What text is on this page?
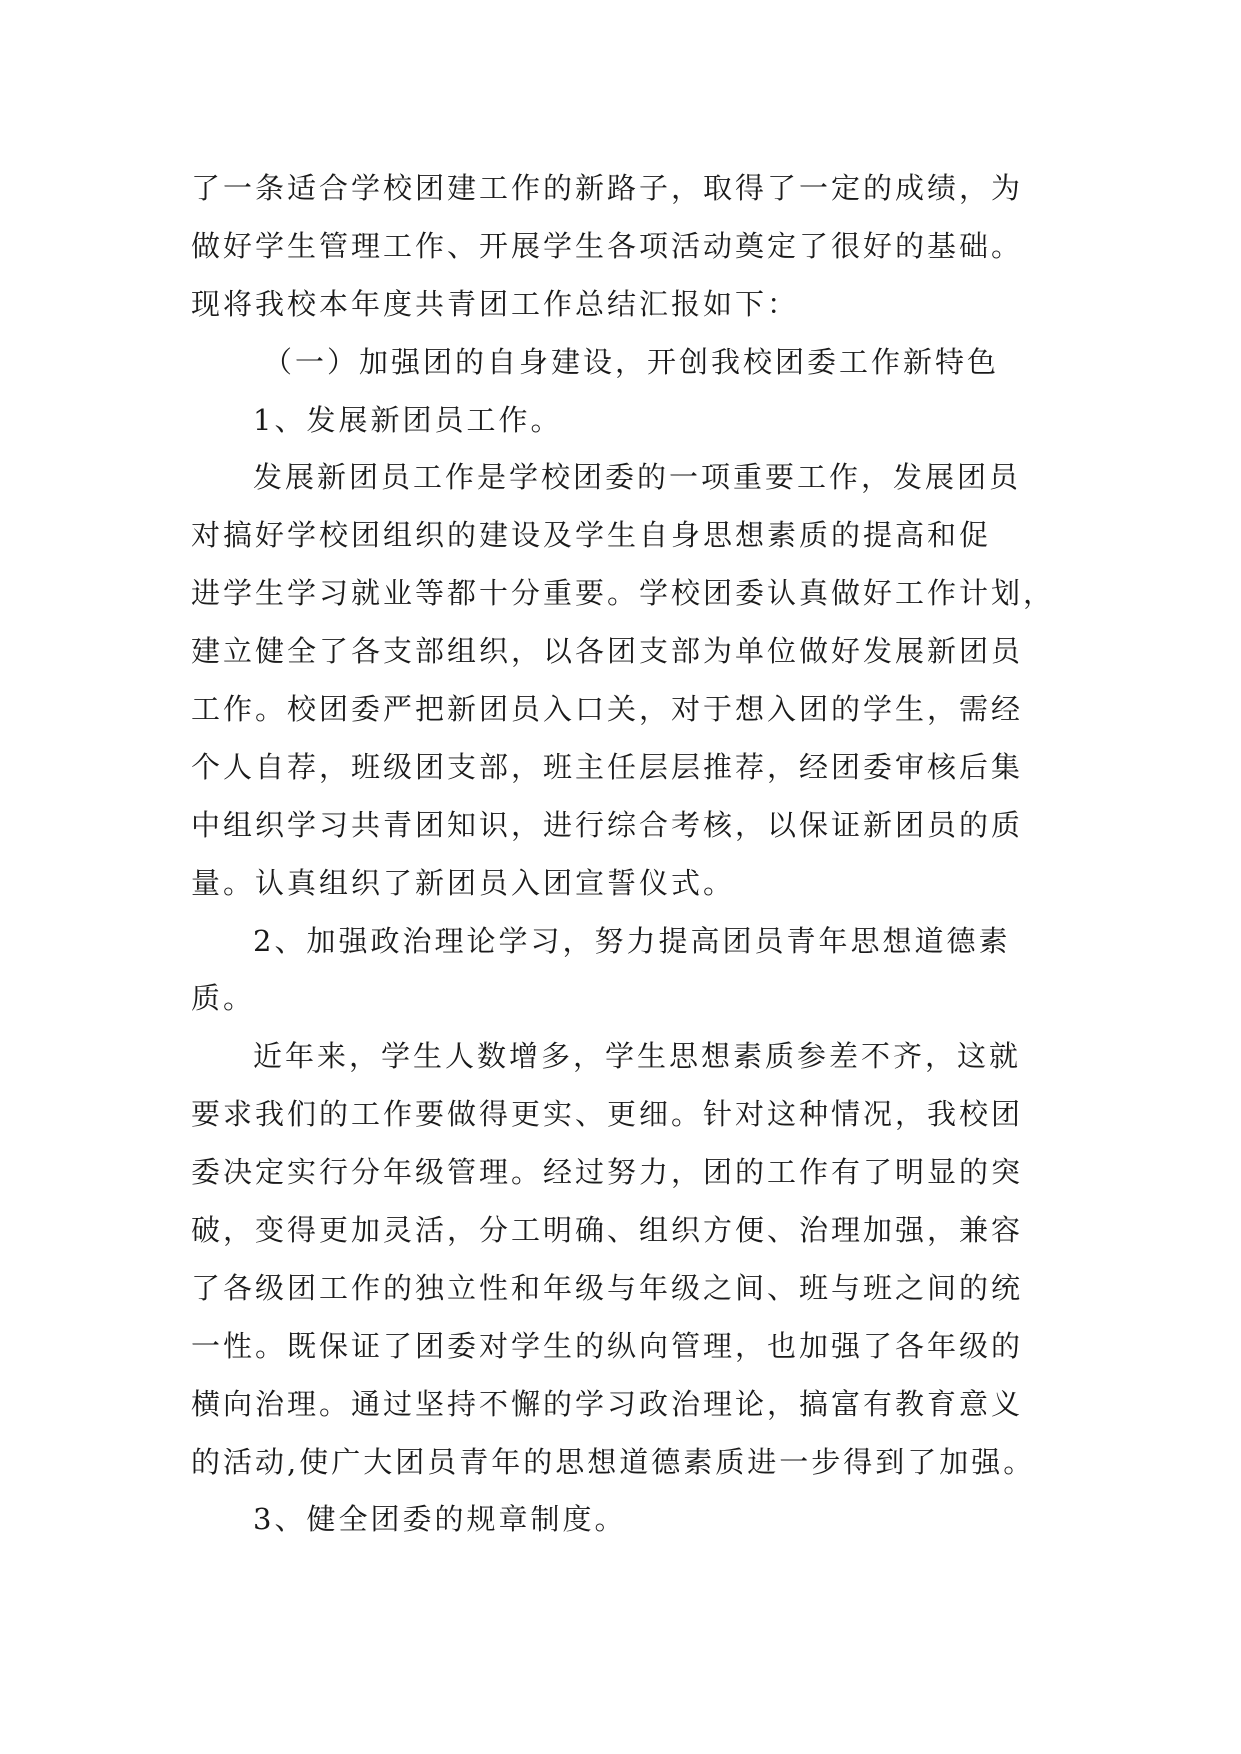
了一条适合学校团建工作的新路子，取得了一定的成绩，为
做好学生管理工作、开展学生各项活动奠定了很好的基础。
现将我校本年度共青团工作总结汇报如下：
（一）加强团的自身建设，开创我校团委工作新特色
1、发展新团员工作。
发展新团员工作是学校团委的一项重要工作，发展团员
对搞好学校团组织的建设及学生自身思想素质的提高和促
进学生学习就业等都十分重要。学校团委认真做好工作计划，
建立健全了各支部组织，以各团支部为单位做好发展新团员
工作。校团委严把新团员入口关，对于想入团的学生，需经
个人自荐，班级团支部，班主任层层推荐，经团委审核后集
中组织学习共青团知识，进行综合考核，以保证新团员的质
量。认真组织了新团员入团宣誓仪式。
2、加强政治理论学习，努力提高团员青年思想道德素
质。
近年来，学生人数增多，学生思想素质参差不齐，这就
要求我们的工作要做得更实、更细。针对这种情况，我校团
委决定实行分年级管理。经过努力，团的工作有了明显的突
破，变得更加灵活，分工明确、组织方便、治理加强，兼容
了各级团工作的独立性和年级与年级之间、班与班之间的统
一性。既保证了团委对学生的纵向管理，也加强了各年级的
横向治理。通过坚持不懈的学习政治理论，搞富有教育意义
的活动,使广大团员青年的思想道德素质进一步得到了加强。
3、健全团委的规章制度。
